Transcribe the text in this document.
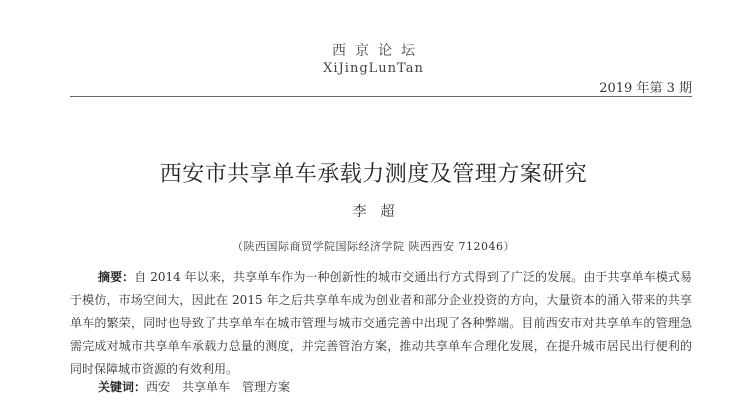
西京论坛
XiJingLunTan
2019 年第 3 期
西安市共享单车承载力测度及管理方案研究
李超
（陕西国际商贸学院国际经济学院 陕西西安 712046）

摘要：自 2014 年以来，共享单车作为一种创新性的城市交通出行方式得到了广泛的发展。由于共享单车模式易于模仿，市场空间大，因此在 2015 年之后共享单车成为创业者和部分企业投资的方向，大量资本的涌入带来的共享单车的繁荣，同时也导致了共享单车在城市管理与城市交通完善中出现了各种弊端。目前西安市对共享单车的管理急需完成对城市共享单车承载力总量的测度，并完善管治方案，推动共享单车合理化发展，在提升城市居民出行便利的同时保障城市资源的有效利用。

关键词：西安 共享单车 管理方案
